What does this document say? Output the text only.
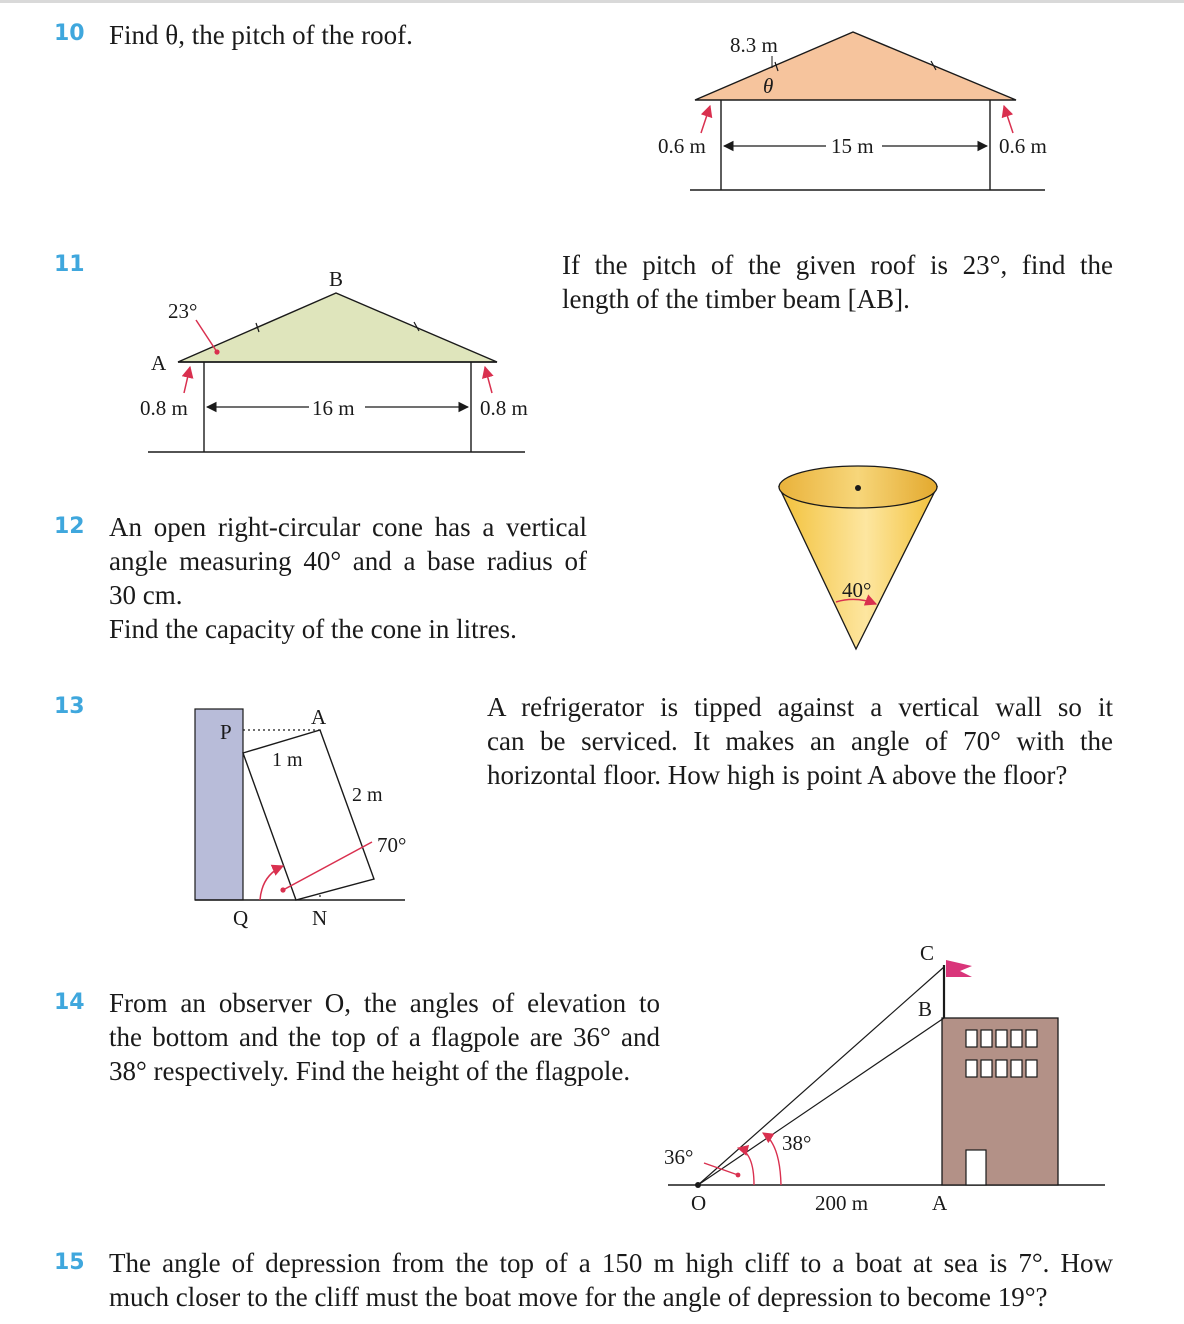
10 Find θ, the pitch of the roof.	8.3 m
θ
0.6 m	15 m	0.6 m
B
23°
A
0.8 m	16 m	0.8 m
40°
P
A
1 m
2 m
70°
Q	N
C
B
36°
38°
O	200 m	A
11	If the pitch of the given roof is 23°, find the

length of the timber beam [AB].

12 An open right-circular cone has a vertical

angle measuring 40° and a base radius of

30 cm.

Find the capacity of the cone in litres.

13	A refrigerator is tipped against a vertical wall so it

can be serviced. It makes an angle of 70° with the

horizontal floor. How high is point A above the floor?

14 From an observer O, the angles of elevation to

the bottom and the top of a flagpole are 36° and

38° respectively. Find the height of the flagpole.

15 The angle of depression from the top of a 150 m high cliff to a boat at sea is 7°. How

much closer to the cliff must the boat move for the angle of depression to become 19°?
